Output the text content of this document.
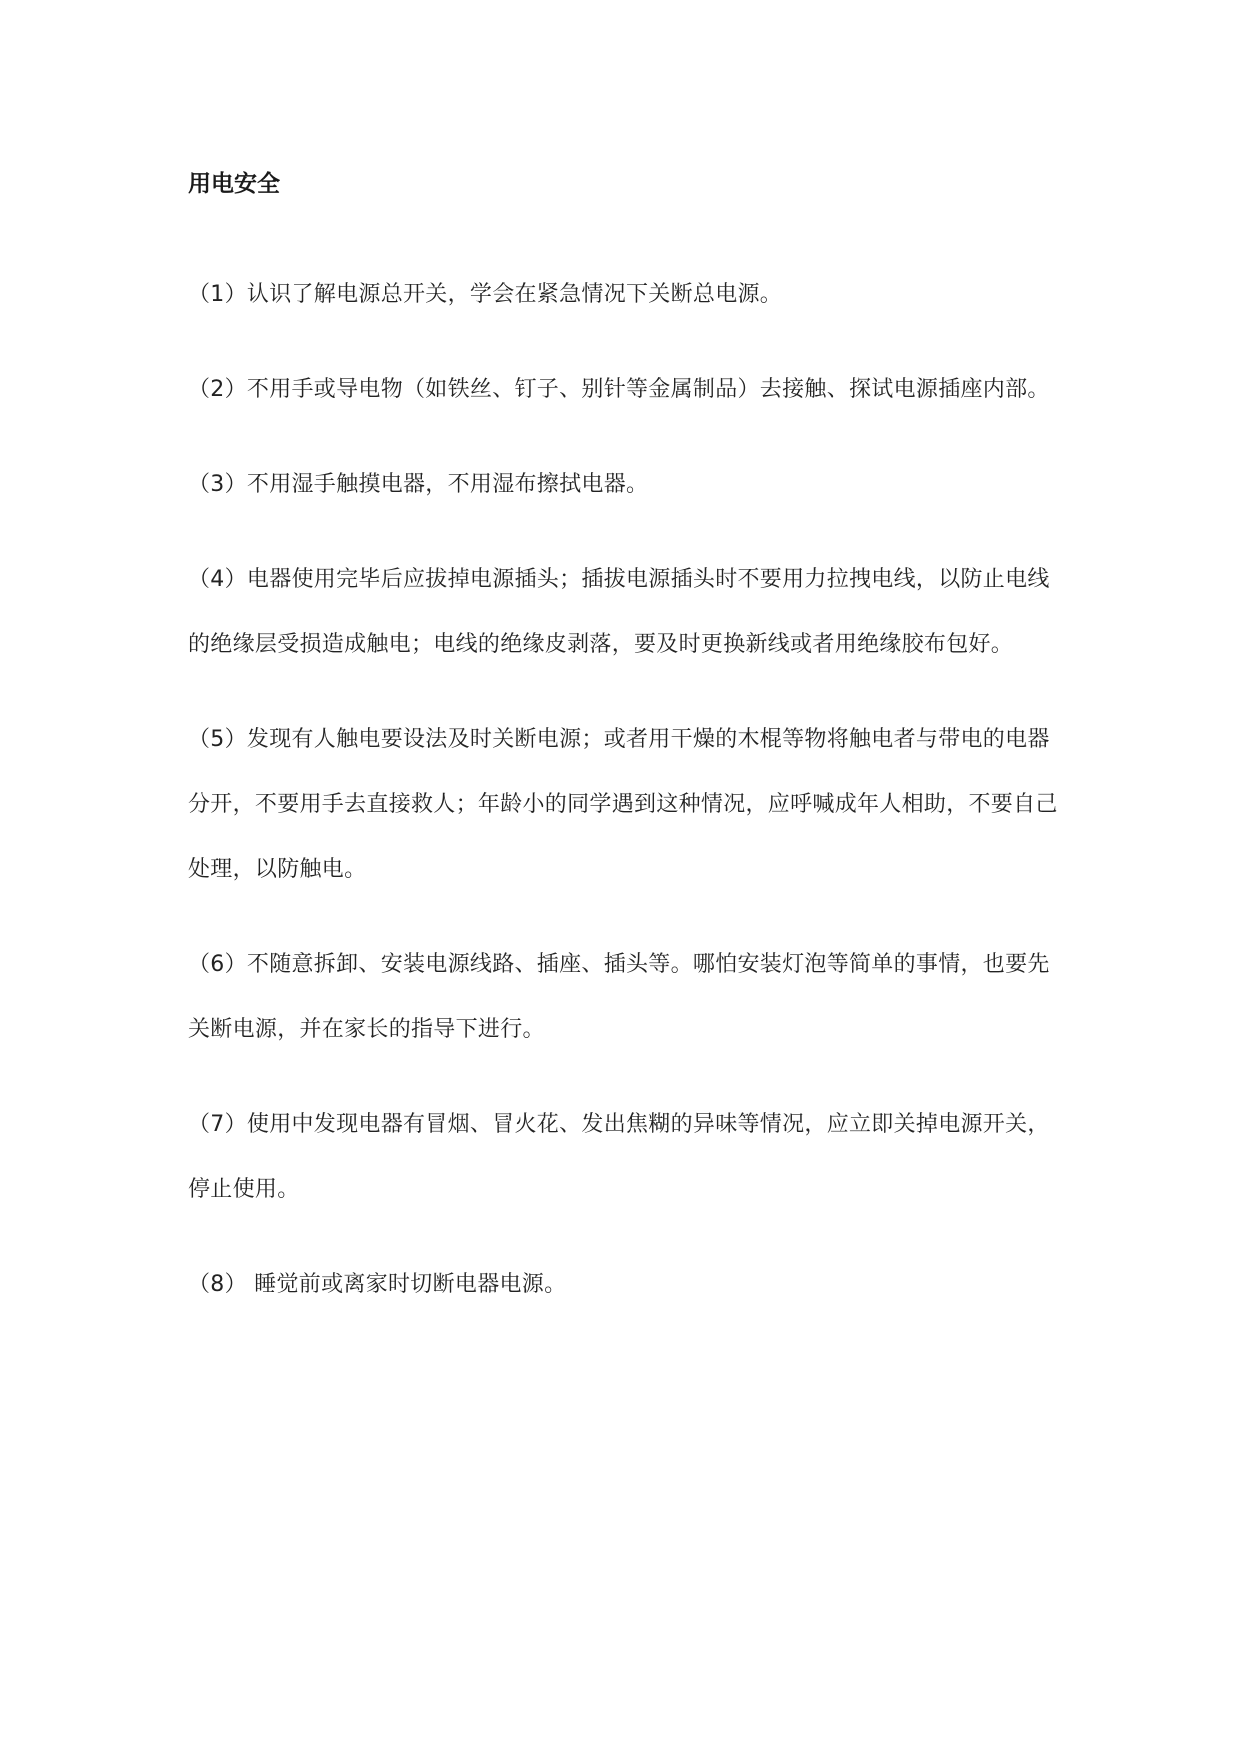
用电安全
（1）认识了解电源总开关，学会在紧急情况下关断总电源。
（2）不用手或导电物（如铁丝、钉子、别针等金属制品）去接触、探试电源插座内部。
（3）不用湿手触摸电器，不用湿布擦拭电器。
（4）电器使用完毕后应拔掉电源插头；插拔电源插头时不要用力拉拽电线，以防止电线的绝缘层受损造成触电；电线的绝缘皮剥落，要及时更换新线或者用绝缘胶布包好。
（5）发现有人触电要设法及时关断电源；或者用干燥的木棍等物将触电者与带电的电器分开，不要用手去直接救人；年龄小的同学遇到这种情况，应呼喊成年人相助，不要自己处理，以防触电。
（6）不随意拆卸、安装电源线路、插座、插头等。哪怕安装灯泡等简单的事情，也要先关断电源，并在家长的指导下进行。
（7）使用中发现电器有冒烟、冒火花、发出焦糊的异味等情况，应立即关掉电源开关，停止使用。
（8） 睡觉前或离家时切断电器电源。
